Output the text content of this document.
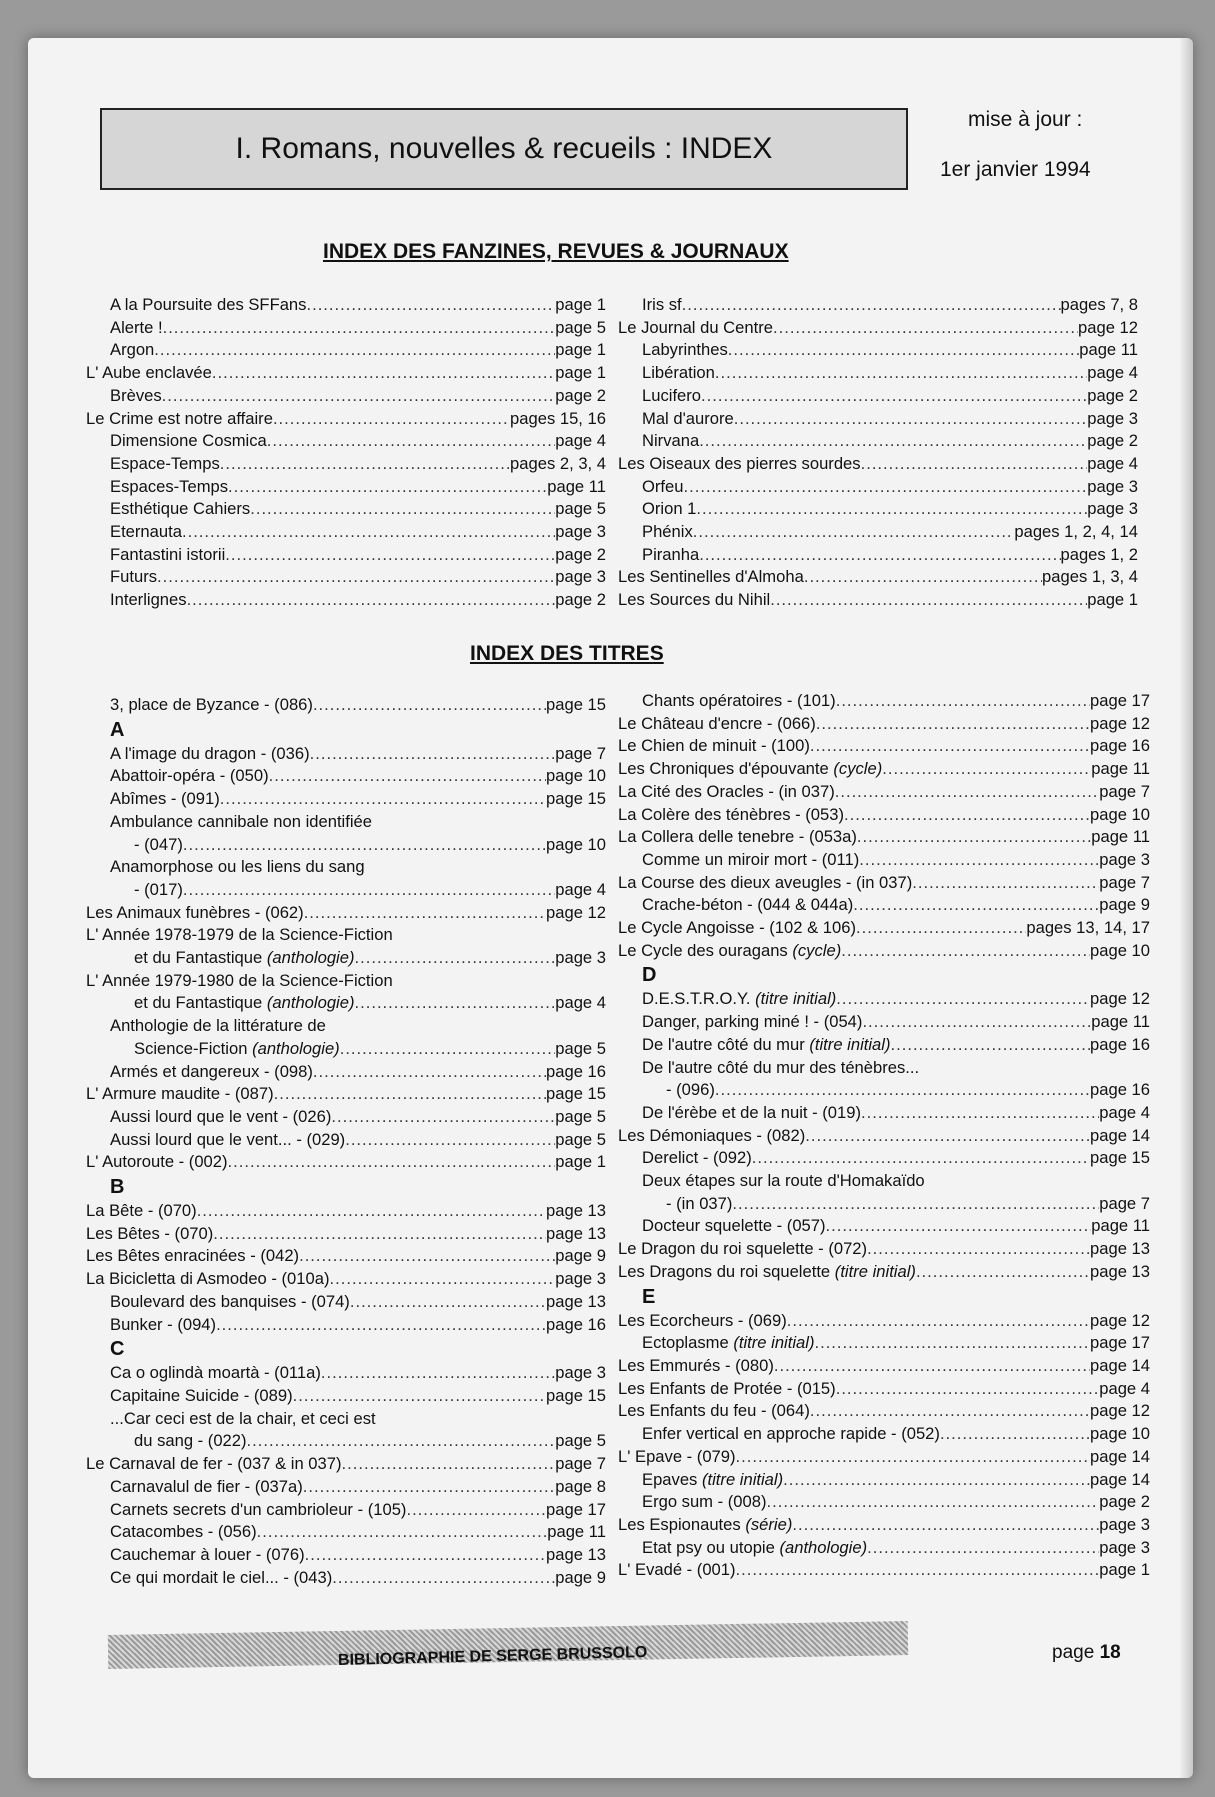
I. Romans, nouvelles & recueils : INDEX
mise à jour :
1er janvier 1994
INDEX DES FANZINES, REVUES & JOURNAUX
A la Poursuite des SFFans .....	page 1
Alerte ! .....	page 5
Argon .....	page 1
L' Aube enclavée .....	page 1
Brèves .....	page 2
Le Crime est notre affaire .....	pages 15, 16
Dimensione Cosmica .....	page 4
Espace-Temps .....	pages 2, 3, 4
Espaces-Temps .....	page 11
Esthétique Cahiers .....	page 5
Eternauta .....	page 3
Fantastini istorii .....	page 2
Futurs .....	page 3
Interlignes .....	page 2
Iris sf .....	pages 7, 8
Le Journal du Centre .....	page 12
Labyrinthes .....	page 11
Libération .....	page 4
Lucifero .....	page 2
Mal d'aurore .....	page 3
Nirvana .....	page 2
Les Oiseaux des pierres sourdes .....	page 4
Orfeu .....	page 3
Orion 1 .....	page 3
Phénix .....	pages 1, 2, 4, 14
Piranha .....	pages 1, 2
Les Sentinelles d'Almoha .....	pages 1, 3, 4
Les Sources du Nihil .....	page 1
INDEX DES TITRES
3, place de Byzance - (086) .....	page 15
A
A l'image du dragon - (036) .....	page 7
Abattoir-opéra - (050) .....	page 10
Abîmes - (091) .....	page 15
Ambulance cannibale non identifiée
- (047) .....	page 10
Anamorphose ou les liens du sang
- (017) .....	page 4
Les Animaux funèbres - (062) .....	page 12
L' Année 1978-1979 de la Science-Fiction
et du Fantastique (anthologie) .....	page 3
L' Année 1979-1980 de la Science-Fiction
et du Fantastique (anthologie) .....	page 4
Anthologie de la littérature de
Science-Fiction (anthologie) .....	page 5
Armés et dangereux - (098) .....	page 16
L' Armure maudite - (087) .....	page 15
Aussi lourd que le vent - (026) .....	page 5
Aussi lourd que le vent... - (029) .....	page 5
L' Autoroute - (002) .....	page 1
B
La Bête - (070) .....	page 13
Les Bêtes - (070) .....	page 13
Les Bêtes enracinées - (042) .....	page 9
La Bicicletta di Asmodeo - (010a) .....	page 3
Boulevard des banquises - (074) .....	page 13
Bunker - (094) .....	page 16
C
Ca o oglindà moartà - (011a) .....	page 3
Capitaine Suicide - (089) .....	page 15
...Car ceci est de la chair, et ceci est
du sang - (022) .....	page 5
Le Carnaval de fer - (037 & in 037) .....	page 7
Carnavalul de fier - (037a) .....	page 8
Carnets secrets d'un cambrioleur - (105) .....	page 17
Catacombes - (056) .....	page 11
Cauchemar à louer - (076) .....	page 13
Ce qui mordait le ciel... - (043) .....	page 9
Chants opératoires - (101) .....	page 17
Le Château d'encre - (066) .....	page 12
Le Chien de minuit - (100) .....	page 16
Les Chroniques d'épouvante (cycle) .....	page 11
La Cité des Oracles - (in 037) .....	page 7
La Colère des ténèbres - (053) .....	page 10
La Collera delle tenebre - (053a) .....	page 11
Comme un miroir mort - (011) .....	page 3
La Course des dieux aveugles - (in 037) .....	page 7
Crache-béton - (044 & 044a) .....	page 9
Le Cycle Angoisse - (102 & 106) .....	pages 13, 14, 17
Le Cycle des ouragans (cycle) .....	page 10
D
D.E.S.T.R.O.Y. (titre initial) .....	page 12
Danger, parking miné ! - (054) .....	page 11
De l'autre côté du mur (titre initial) .....	page 16
De l'autre côté du mur des ténèbres...
- (096) .....	page 16
De l'érèbe et de la nuit - (019) .....	page 4
Les Démoniaques - (082) .....	page 14
Derelict - (092) .....	page 15
Deux étapes sur la route d'Homakaïdo
- (in 037) .....	page 7
Docteur squelette - (057) .....	page 11
Le Dragon du roi squelette - (072) .....	page 13
Les Dragons du roi squelette (titre initial) .....	page 13
E
Les Ecorcheurs - (069) .....	page 12
Ectoplasme (titre initial) .....	page 17
Les Emmurés - (080) .....	page 14
Les Enfants de Protée - (015) .....	page 4
Les Enfants du feu - (064) .....	page 12
Enfer vertical en approche rapide - (052) .....	page 10
L' Epave - (079) .....	page 14
Epaves (titre initial) .....	page 14
Ergo sum - (008) .....	page 2
Les Espionautes (série) .....	page 3
Etat psy ou utopie (anthologie) .....	page 3
L' Evadé - (001) .....	page 1
BIBLIOGRAPHIE DE SERGE BRUSSOLO	page 18
